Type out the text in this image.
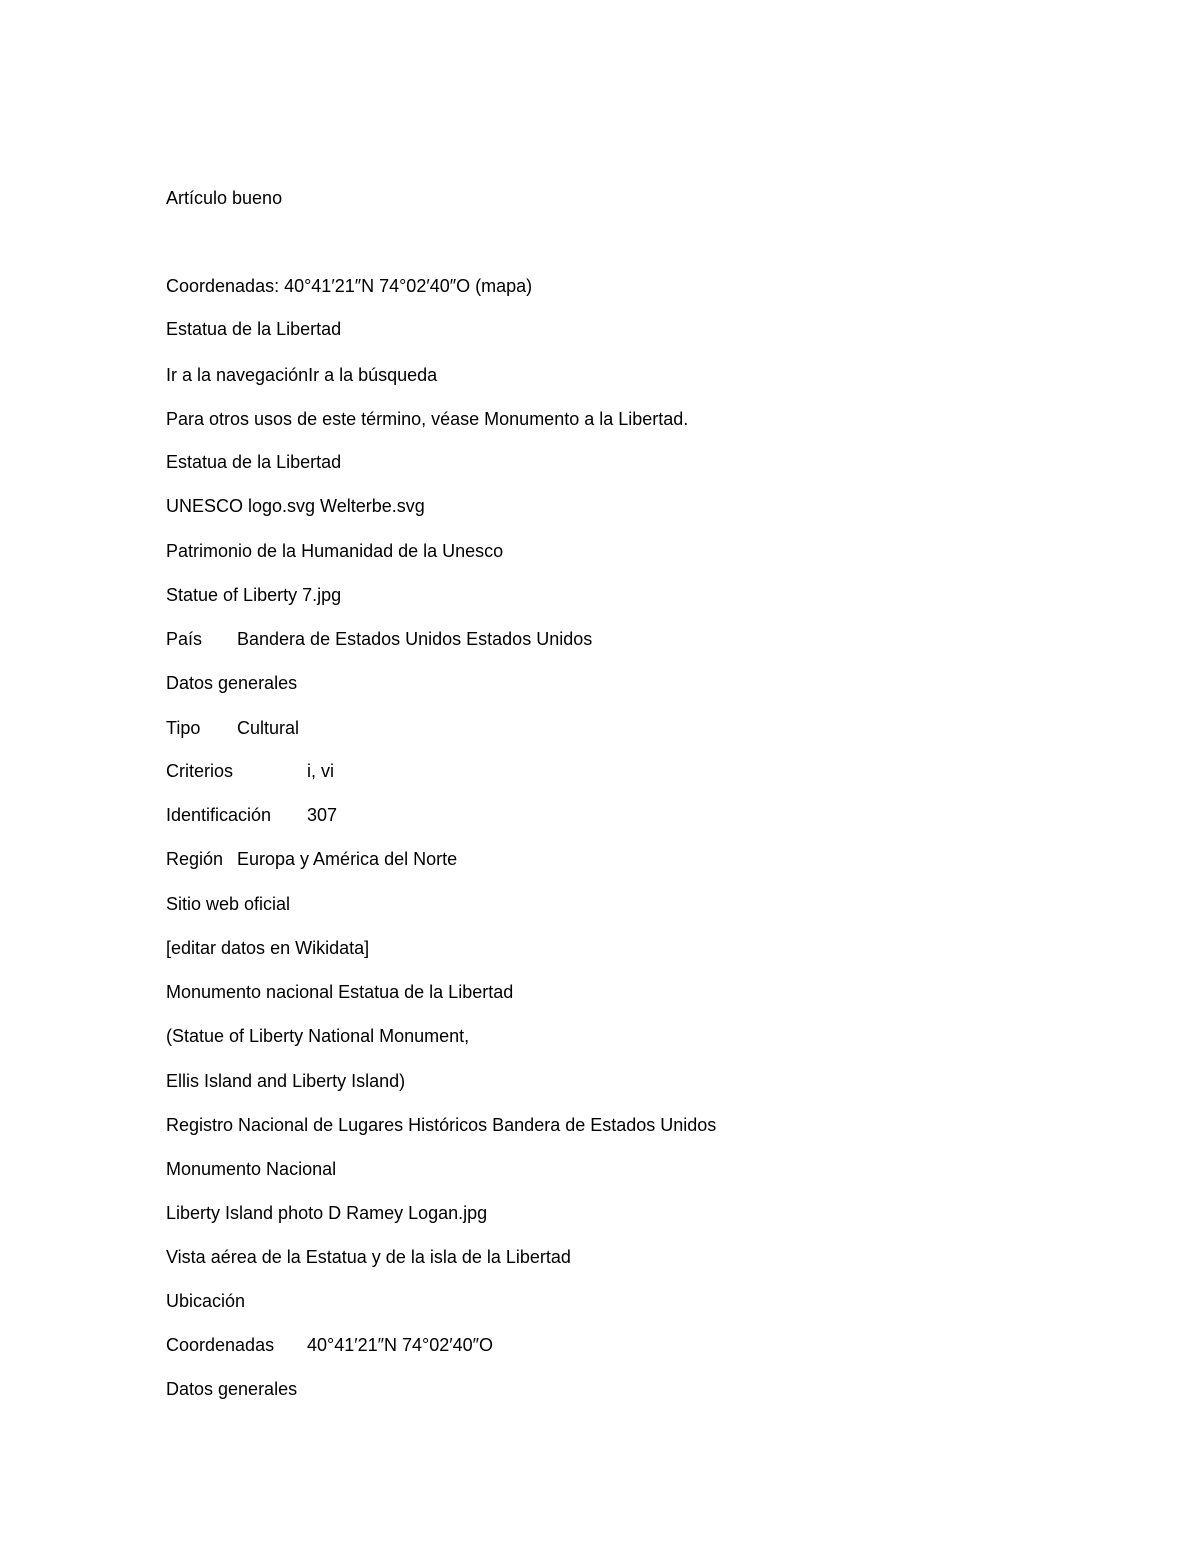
Artículo bueno
Coordenadas: 40°41′21″N 74°02′40″O (mapa)
Estatua de la Libertad
Ir a la navegaciónIr a la búsqueda
Para otros usos de este término, véase Monumento a la Libertad.
Estatua de la Libertad
UNESCO logo.svg Welterbe.svg
Patrimonio de la Humanidad de la Unesco
Statue of Liberty 7.jpg
País Bandera de Estados Unidos Estados Unidos
Datos generales
Tipo Cultural
Criterios	i, vi
Identificación 307
Región Europa y América del Norte
Sitio web oficial
[editar datos en Wikidata]
Monumento nacional Estatua de la Libertad
(Statue of Liberty National Monument,
Ellis Island and Liberty Island)
Registro Nacional de Lugares Históricos Bandera de Estados Unidos
Monumento Nacional
Liberty Island photo D Ramey Logan.jpg
Vista aérea de la Estatua y de la isla de la Libertad
Ubicación
Coordenadas 40°41′21″N 74°02′40″O
Datos generales
